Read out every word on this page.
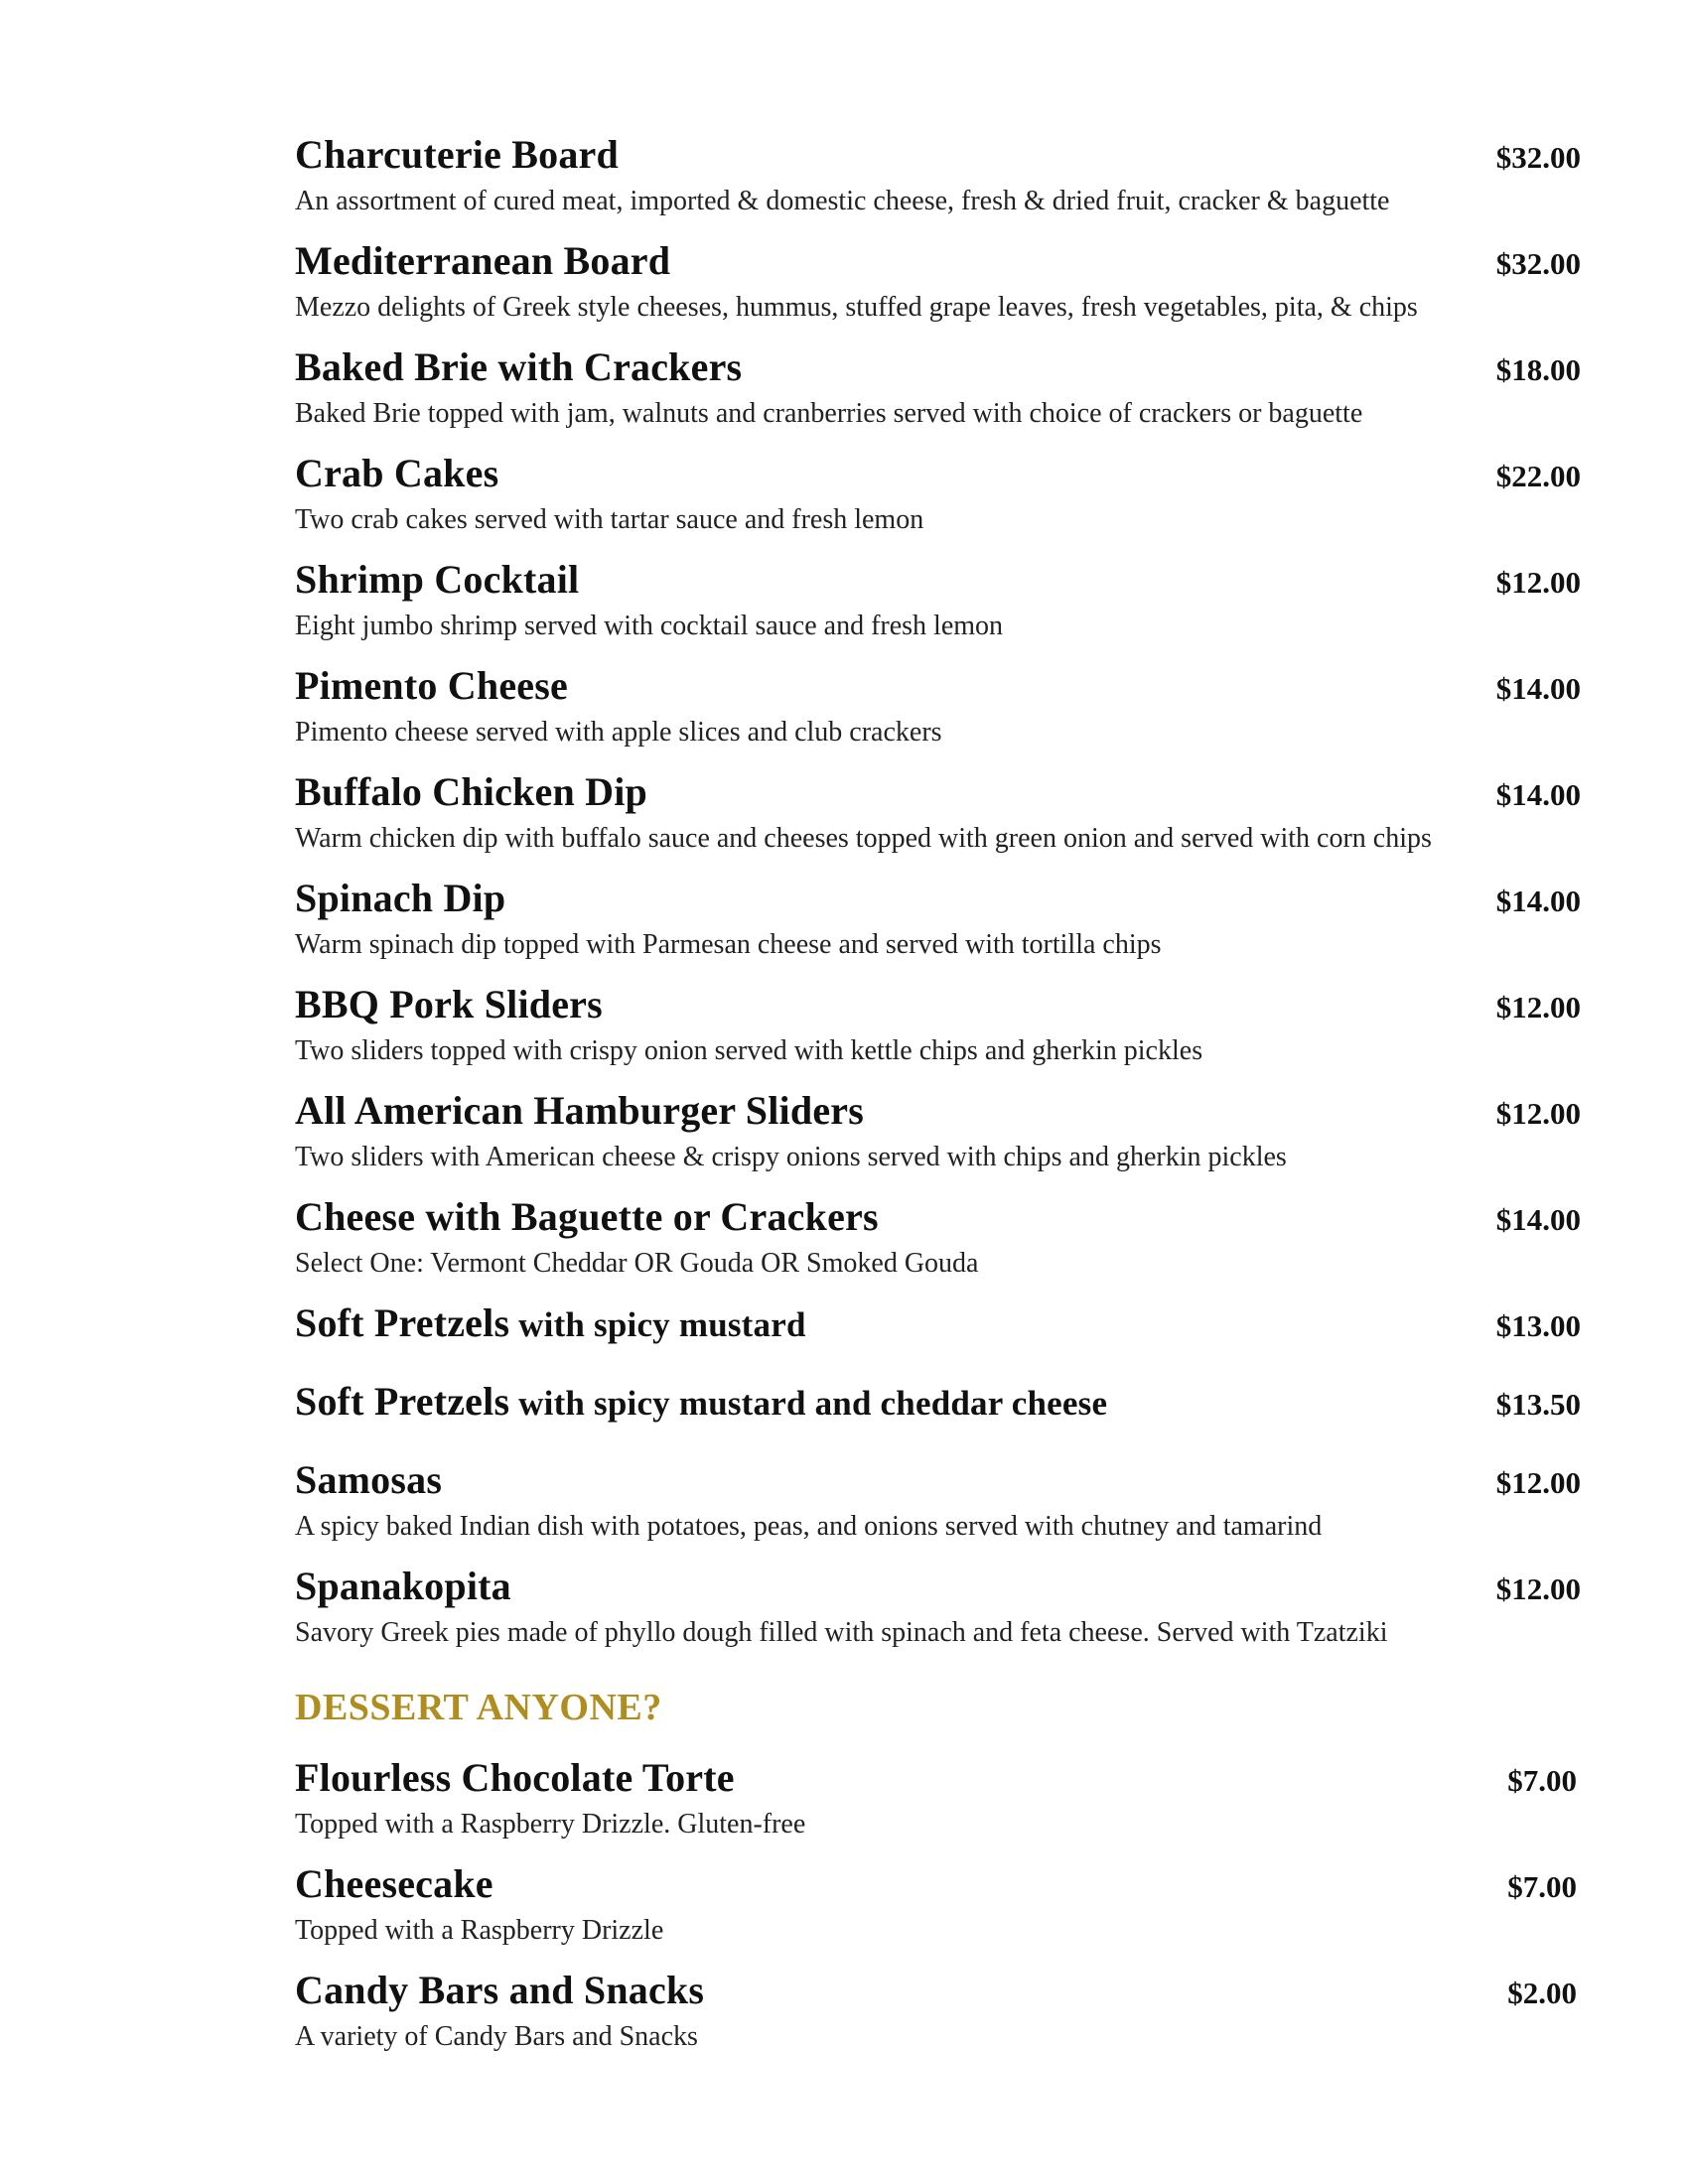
Charcuterie Board	$32.00
An assortment of cured meat, imported & domestic cheese, fresh & dried fruit, cracker & baguette
Mediterranean Board	$32.00
Mezzo delights of Greek style cheeses, hummus, stuffed grape leaves, fresh vegetables, pita, & chips
Baked Brie with Crackers	$18.00
Baked Brie topped with jam, walnuts and cranberries served with choice of crackers or baguette
Crab Cakes	$22.00
Two crab cakes served with tartar sauce and fresh lemon
Shrimp Cocktail	$12.00
Eight jumbo shrimp served with cocktail sauce and fresh lemon
Pimento Cheese	$14.00
Pimento cheese served with apple slices and club crackers
Buffalo Chicken Dip	$14.00
Warm chicken dip with buffalo sauce and cheeses topped with green onion and served with corn chips
Spinach Dip	$14.00
Warm spinach dip topped with Parmesan cheese and served with tortilla chips
BBQ Pork Sliders	$12.00
Two sliders topped with crispy onion served with kettle chips and gherkin pickles
All American Hamburger Sliders	$12.00
Two sliders with American cheese & crispy onions served with chips and gherkin pickles
Cheese with Baguette or Crackers	$14.00
Select One: Vermont Cheddar OR Gouda OR Smoked Gouda
Soft Pretzels with spicy mustard	$13.00
Soft Pretzels with spicy mustard and cheddar cheese	$13.50
Samosas	$12.00
A spicy baked Indian dish with potatoes, peas, and onions served with chutney and tamarind
Spanakopita	$12.00
Savory Greek pies made of phyllo dough filled with spinach and feta cheese. Served with Tzatziki
DESSERT ANYONE?
Flourless Chocolate Torte	$7.00
Topped with a Raspberry Drizzle. Gluten-free
Cheesecake	$7.00
Topped with a Raspberry Drizzle
Candy Bars and Snacks	$2.00
A variety of Candy Bars and Snacks
